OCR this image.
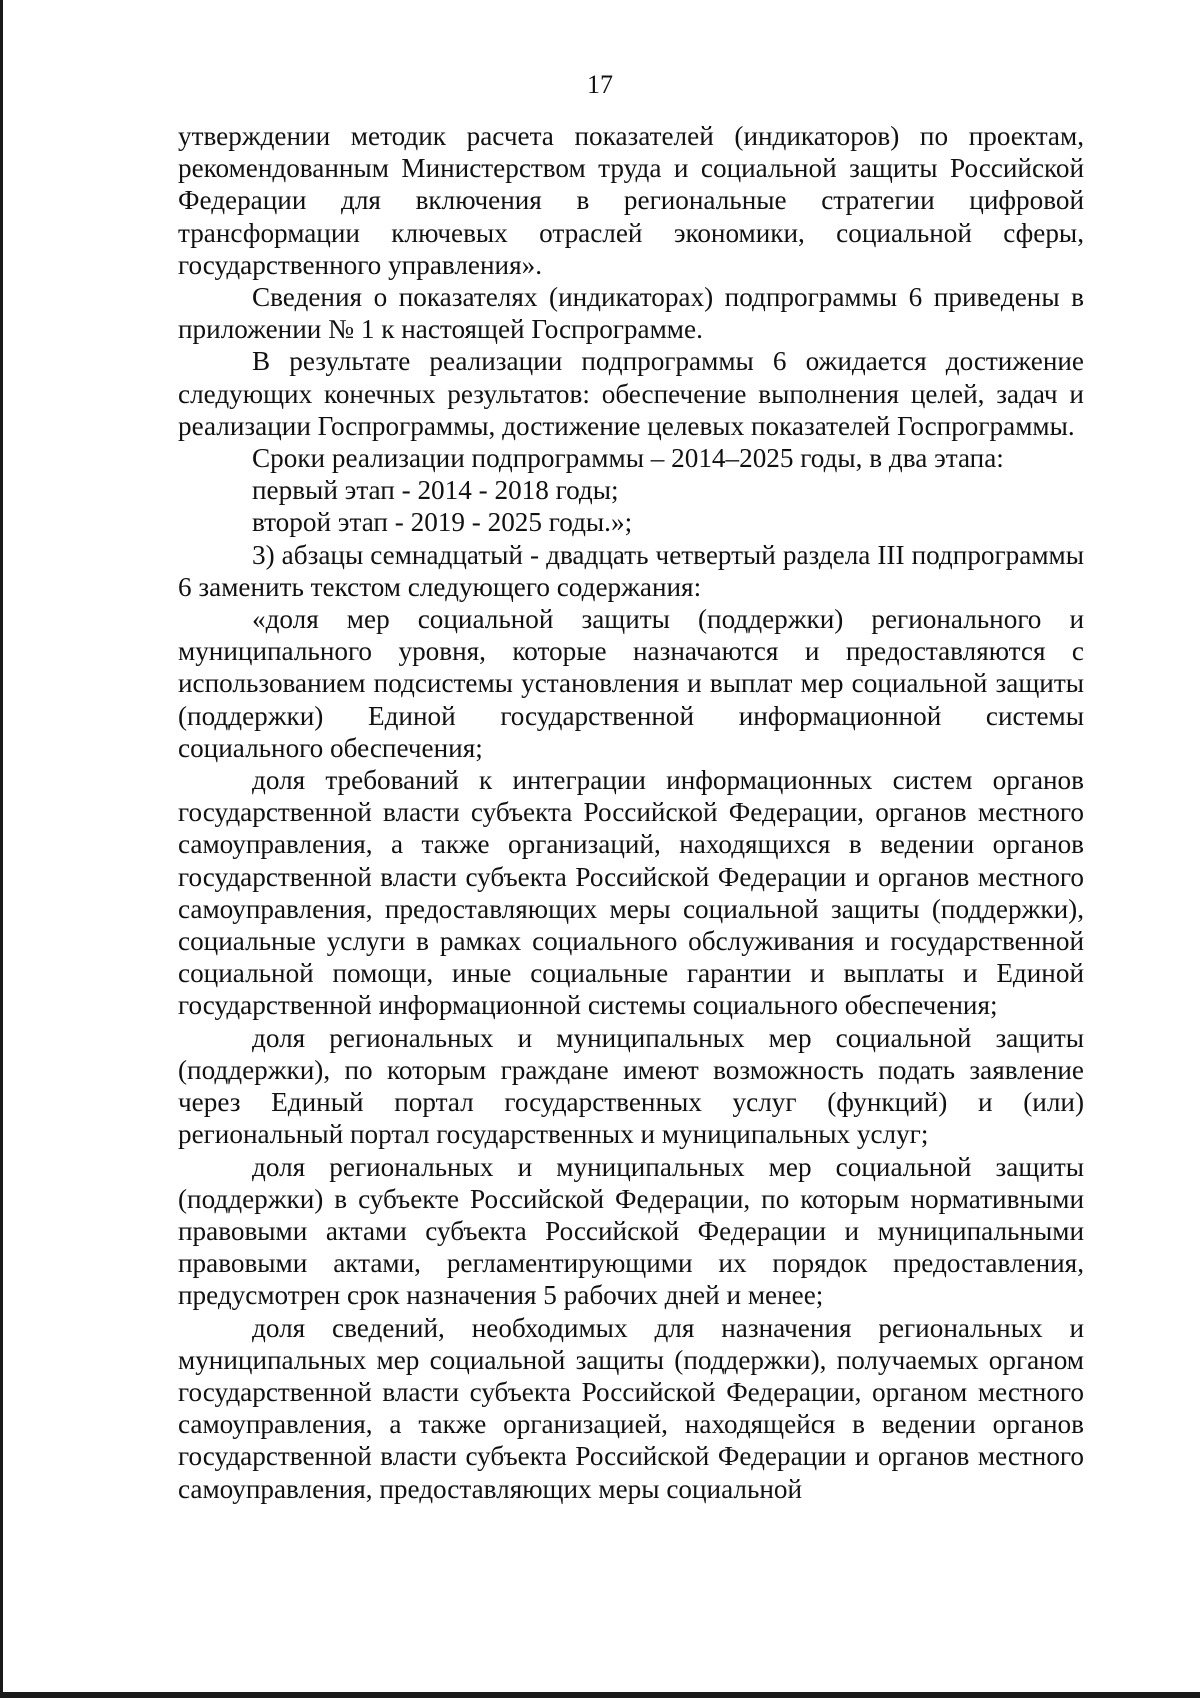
17

утверждении методик расчета показателей (индикаторов) по проектам, рекомендованным Министерством труда и социальной защиты Российской Федерации для включения в региональные стратегии цифровой трансформации ключевых отраслей экономики, социальной сферы, государственного управления».

Сведения о показателях (индикаторах) подпрограммы 6 приведены в приложении № 1 к настоящей Госпрограмме.

В результате реализации подпрограммы 6 ожидается достижение следующих конечных результатов: обеспечение выполнения целей, задач и реализации Госпрограммы, достижение целевых показателей Госпрограммы.

Сроки реализации подпрограммы – 2014–2025 годы, в два этапа:

первый этап - 2014 - 2018 годы;

второй этап - 2019 - 2025 годы.»;

3) абзацы семнадцатый - двадцать четвертый раздела III подпрограммы 6 заменить текстом следующего содержания:

«доля мер социальной защиты (поддержки) регионального и муниципального уровня, которые назначаются и предоставляются с использованием подсистемы установления и выплат мер социальной защиты (поддержки) Единой государственной информационной системы социального обеспечения;

доля требований к интеграции информационных систем органов государственной власти субъекта Российской Федерации, органов местного самоуправления, а также организаций, находящихся в ведении органов государственной власти субъекта Российской Федерации и органов местного самоуправления, предоставляющих меры социальной защиты (поддержки), социальные услуги в рамках социального обслуживания и государственной социальной помощи, иные социальные гарантии и выплаты и Единой государственной информационной системы социального обеспечения;

доля региональных и муниципальных мер социальной защиты (поддержки), по которым граждане имеют возможность подать заявление через Единый портал государственных услуг (функций) и (или) региональный портал государственных и муниципальных услуг;

доля региональных и муниципальных мер социальной защиты (поддержки) в субъекте Российской Федерации, по которым нормативными правовыми актами субъекта Российской Федерации и муниципальными правовыми актами, регламентирующими их порядок предоставления, предусмотрен срок назначения 5 рабочих дней и менее;

доля сведений, необходимых для назначения региональных и муниципальных мер социальной защиты (поддержки), получаемых органом государственной власти субъекта Российской Федерации, органом местного самоуправления, а также организацией, находящейся в ведении органов государственной власти субъекта Российской Федерации и органов местного самоуправления, предоставляющих меры социальной
